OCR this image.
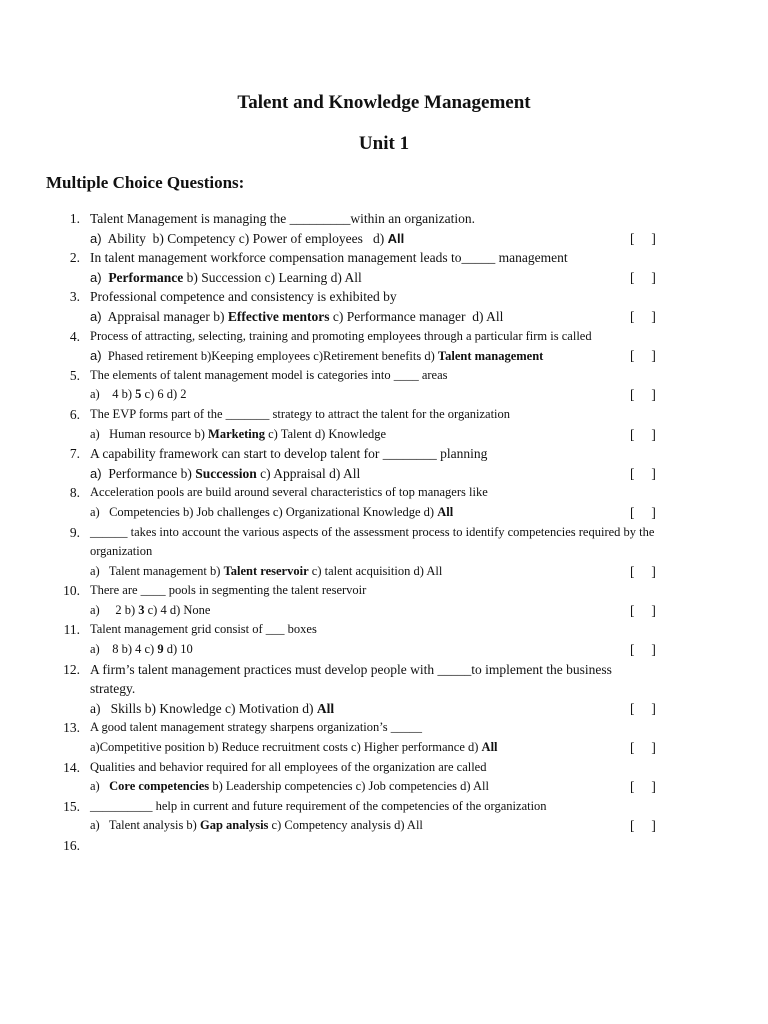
Talent and Knowledge Management
Unit 1
Multiple Choice Questions:
1. Talent Management is managing the _________within an organization.
a)  Ability  b) Competency c) Power of employees   d) All	[     ]
2. In talent management workforce compensation management leads to_____ management
a) Performance b) Succession c) Learning d) All	[     ]
3. Professional competence and consistency is exhibited by
a)  Appraisal manager b) Effective mentors c) Performance manager  d) All	[     ]
4. Process of attracting, selecting, training and promoting employees through a particular firm is called
a)  Phased retirement b)Keeping employees c)Retirement benefits d) Talent management	[     ]
5. The elements of talent management model is categories into ____ areas
a)    4 b) 5 c) 6 d) 2	[     ]
6. The EVP forms part of the _______ strategy to attract the talent for the organization
a)   Human resource b) Marketing c) Talent d) Knowledge	[     ]
7. A capability framework can start to develop talent for ________ planning
a)  Performance b) Succession c) Appraisal d) All	[     ]
8. Acceleration pools are build around several characteristics of top managers like
a)   Competencies b) Job challenges c) Organizational Knowledge d) All	[     ]
9. ______ takes into account the various aspects of the assessment process to identify competencies required by the
organization
a)   Talent management b) Talent reservoir c) talent acquisition d) All	[     ]
10. There are ____ pools in segmenting the talent reservoir
a)     2 b) 3 c) 4 d) None	[     ]
11. Talent management grid consist of ___ boxes
a)    8 b) 4 c) 9 d) 10	[     ]
12. A firm’s talent management practices must develop people with _____to implement the business
strategy.
a)   Skills b) Knowledge c) Motivation d) All	[     ]
13. A good talent management strategy sharpens organization’s _____
a)Competitive position b) Reduce recruitment costs c) Higher performance d) All	[     ]
14. Qualities and behavior required for all employees of the organization are called
a)   Core competencies b) Leadership competencies c) Job competencies d) All	[     ]
15. __________ help in current and future requirement of the competencies of the organization
a)   Talent analysis b) Gap analysis c) Competency analysis d) All	[     ]
16.
